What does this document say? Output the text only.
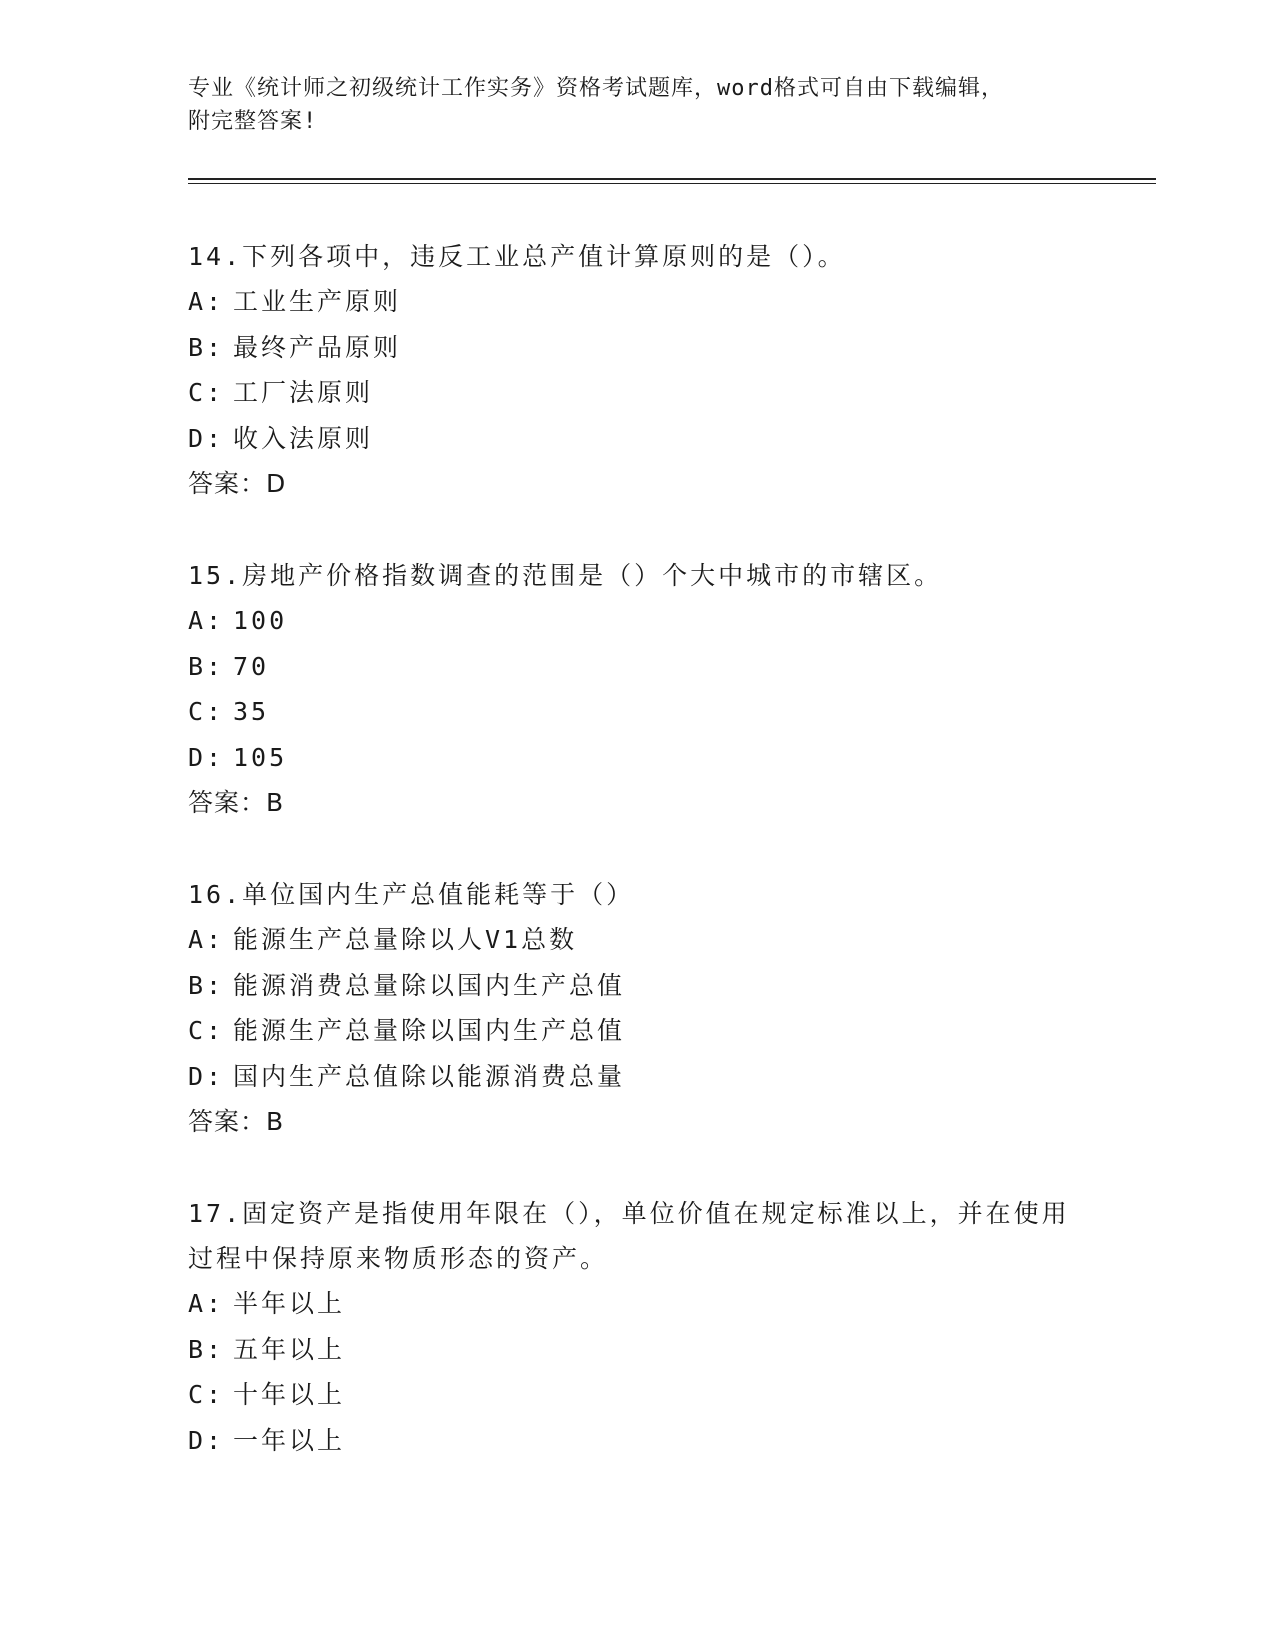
专业《统计师之初级统计工作实务》资格考试题库，word格式可自由下载编辑，
附完整答案!
14.下列各项中，违反工业总产值计算原则的是（）。
A: 工业生产原则
B: 最终产品原则
C: 工厂法原则
D: 收入法原则
答案：D
15.房地产价格指数调查的范围是（）个大中城市的市辖区。
A: 100
B: 70
C: 35
D: 105
答案：B
16.单位国内生产总值能耗等于（）
A: 能源生产总量除以人V1总数
B: 能源消费总量除以国内生产总值
C: 能源生产总量除以国内生产总值
D: 国内生产总值除以能源消费总量
答案：B
17.固定资产是指使用年限在（），单位价值在规定标准以上，并在使用过程中保持原来物质形态的资产。
A: 半年以上
B: 五年以上
C: 十年以上
D: 一年以上
